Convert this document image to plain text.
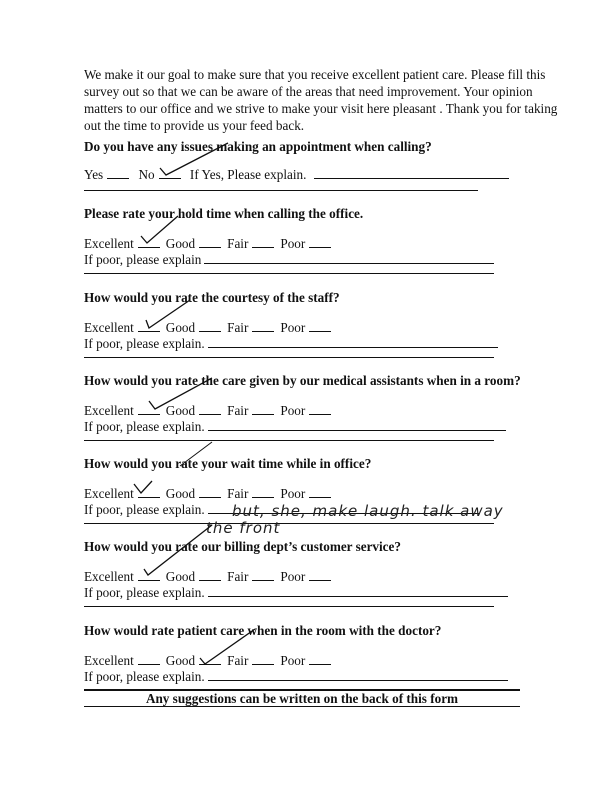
We make it our goal to make sure that you receive excellent patient care. Please fill this survey out so that we can be aware of the areas that need improvement. Your opinion matters to our office and we strive to make your visit here pleasant . Thank you for taking out the time to provide us your feed back.
Do you have any issues making an appointment when calling?
Yes	No	If Yes, Please explain.
Please rate your hold time when calling the office.
Excellent Good Fair Poor
If poor, please explain
How would you rate the courtesy of the staff?
Excellent Good Fair Poor
If poor, please explain.
How would you rate the care given by our medical assistants when in a room?
Excellent Good Fair Poor
If poor, please explain.
How would you rate your wait time while in office?
Excellent Good Fair Poor
If poor, please explain.
How would you rate our billing dept’s customer service?
Excellent Good Fair Poor
If poor, please explain.
How would rate patient care when in the room with the doctor?
Excellent Good Fair Poor
If poor, please explain.
Any suggestions can be written on the back of this form
but, she, make laugh. talk away
the front
